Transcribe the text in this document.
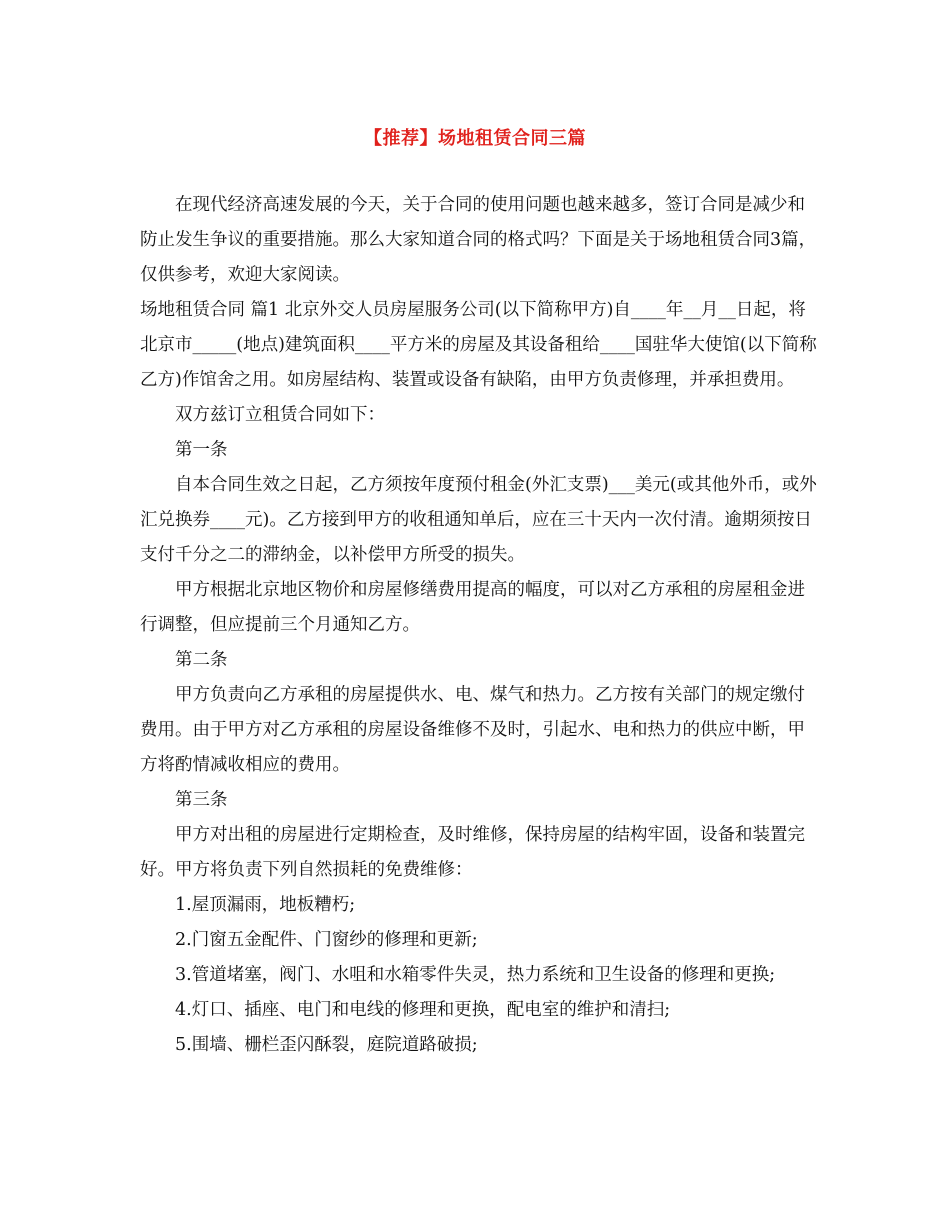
【推荐】场地租赁合同三篇

在现代经济高速发展的今天，关于合同的使用问题也越来越多，签订合同是减少和防止发生争议的重要措施。那么大家知道合同的格式吗？下面是关于场地租赁合同3篇，仅供参考，欢迎大家阅读。

场地租赁合同 篇1 北京外交人员房屋服务公司(以下简称甲方)自____年__月__日起，将北京市_____(地点)建筑面积____平方米的房屋及其设备租给____国驻华大使馆(以下简称乙方)作馆舍之用。如房屋结构、装置或设备有缺陷，由甲方负责修理，并承担费用。

双方兹订立租赁合同如下：

第一条

自本合同生效之日起，乙方须按年度预付租金(外汇支票)___美元(或其他外币，或外汇兑换券____元)。乙方接到甲方的收租通知单后，应在三十天内一次付清。逾期须按日支付千分之二的滞纳金，以补偿甲方所受的损失。

甲方根据北京地区物价和房屋修缮费用提高的幅度，可以对乙方承租的房屋租金进行调整，但应提前三个月通知乙方。

第二条

甲方负责向乙方承租的房屋提供水、电、煤气和热力。乙方按有关部门的规定缴付费用。由于甲方对乙方承租的房屋设备维修不及时，引起水、电和热力的供应中断，甲方将酌情减收相应的费用。

第三条

甲方对出租的房屋进行定期检查，及时维修，保持房屋的结构牢固，设备和装置完好。甲方将负责下列自然损耗的免费维修：

1.屋顶漏雨，地板糟朽;

2.门窗五金配件、门窗纱的修理和更新;

3.管道堵塞，阀门、水咀和水箱零件失灵，热力系统和卫生设备的修理和更换;

4.灯口、插座、电门和电线的修理和更换，配电室的维护和清扫;

5.围墙、栅栏歪闪酥裂，庭院道路破损;
